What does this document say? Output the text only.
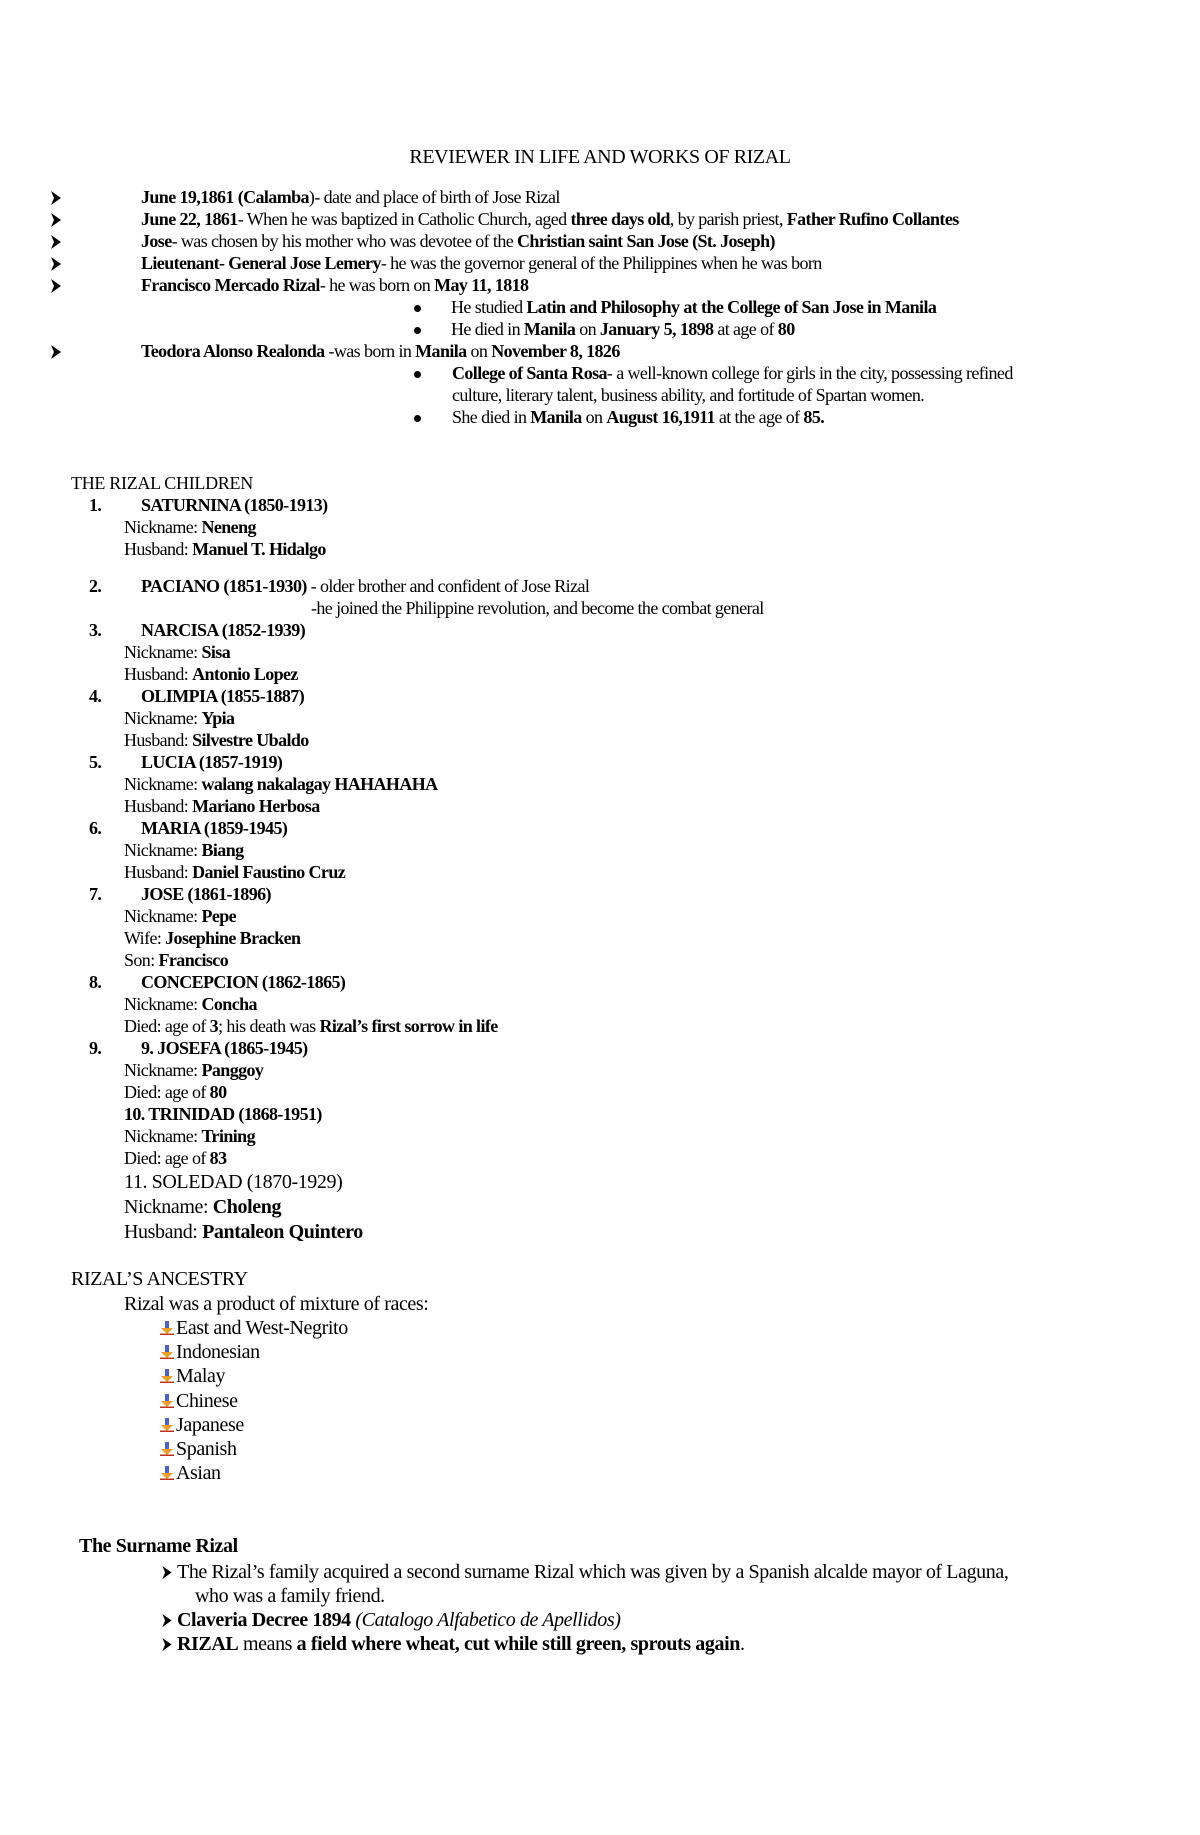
REVIEWER IN LIFE AND WORKS OF RIZAL
June 19,1861 (Calamba)- date and place of birth of Jose Rizal
June 22, 1861- When he was baptized in Catholic Church, aged three days old, by parish priest, Father Rufino Collantes
Jose- was chosen by his mother who was devotee of the Christian saint San Jose (St. Joseph)
Lieutenant- General Jose Lemery- he was the governor general of the Philippines when he was born
Francisco Mercado Rizal- he was born on May 11, 1818
He studied Latin and Philosophy at the College of San Jose in Manila
He died in Manila on January 5, 1898 at age of 80
Teodora Alonso Realonda -was born in Manila on November 8, 1826
College of Santa Rosa- a well-known college for girls in the city, possessing refined
culture, literary talent, business ability, and fortitude of Spartan women.
She died in Manila on August 16,1911 at the age of 85.
THE RIZAL CHILDREN
1. SATURNINA (1850-1913)
Nickname: Neneng
Husband: Manuel T. Hidalgo
2. PACIANO (1851-1930) - older brother and confident of Jose Rizal
-he joined the Philippine revolution, and become the combat general
3. NARCISA (1852-1939)
Nickname: Sisa
Husband: Antonio Lopez
4. OLIMPIA (1855-1887)
Nickname: Ypia
Husband: Silvestre Ubaldo
5. LUCIA (1857-1919)
Nickname: walang nakalagay HAHAHAHA
Husband: Mariano Herbosa
6. MARIA (1859-1945)
Nickname: Biang
Husband: Daniel Faustino Cruz
7. JOSE (1861-1896)
Nickname: Pepe
Wife: Josephine Bracken
Son: Francisco
8. CONCEPCION (1862-1865)
Nickname: Concha
Died: age of 3; his death was Rizal’s first sorrow in life
9. 9. JOSEFA (1865-1945)
Nickname: Panggoy
Died: age of 80
10. TRINIDAD (1868-1951)
Nickname: Trining
Died: age of 83
11. SOLEDAD (1870-1929)
Nickname: Choleng
Husband: Pantaleon Quintero
RIZAL’S ANCESTRY
Rizal was a product of mixture of races:
East and West-Negrito
Indonesian
Malay
Chinese
Japanese
Spanish
Asian
The Surname Rizal
The Rizal’s family acquired a second surname Rizal which was given by a Spanish alcalde mayor of Laguna,
who was a family friend.
Claveria Decree 1894 (Catalogo Alfabetico de Apellidos)
RIZAL means a field where wheat, cut while still green, sprouts again.
